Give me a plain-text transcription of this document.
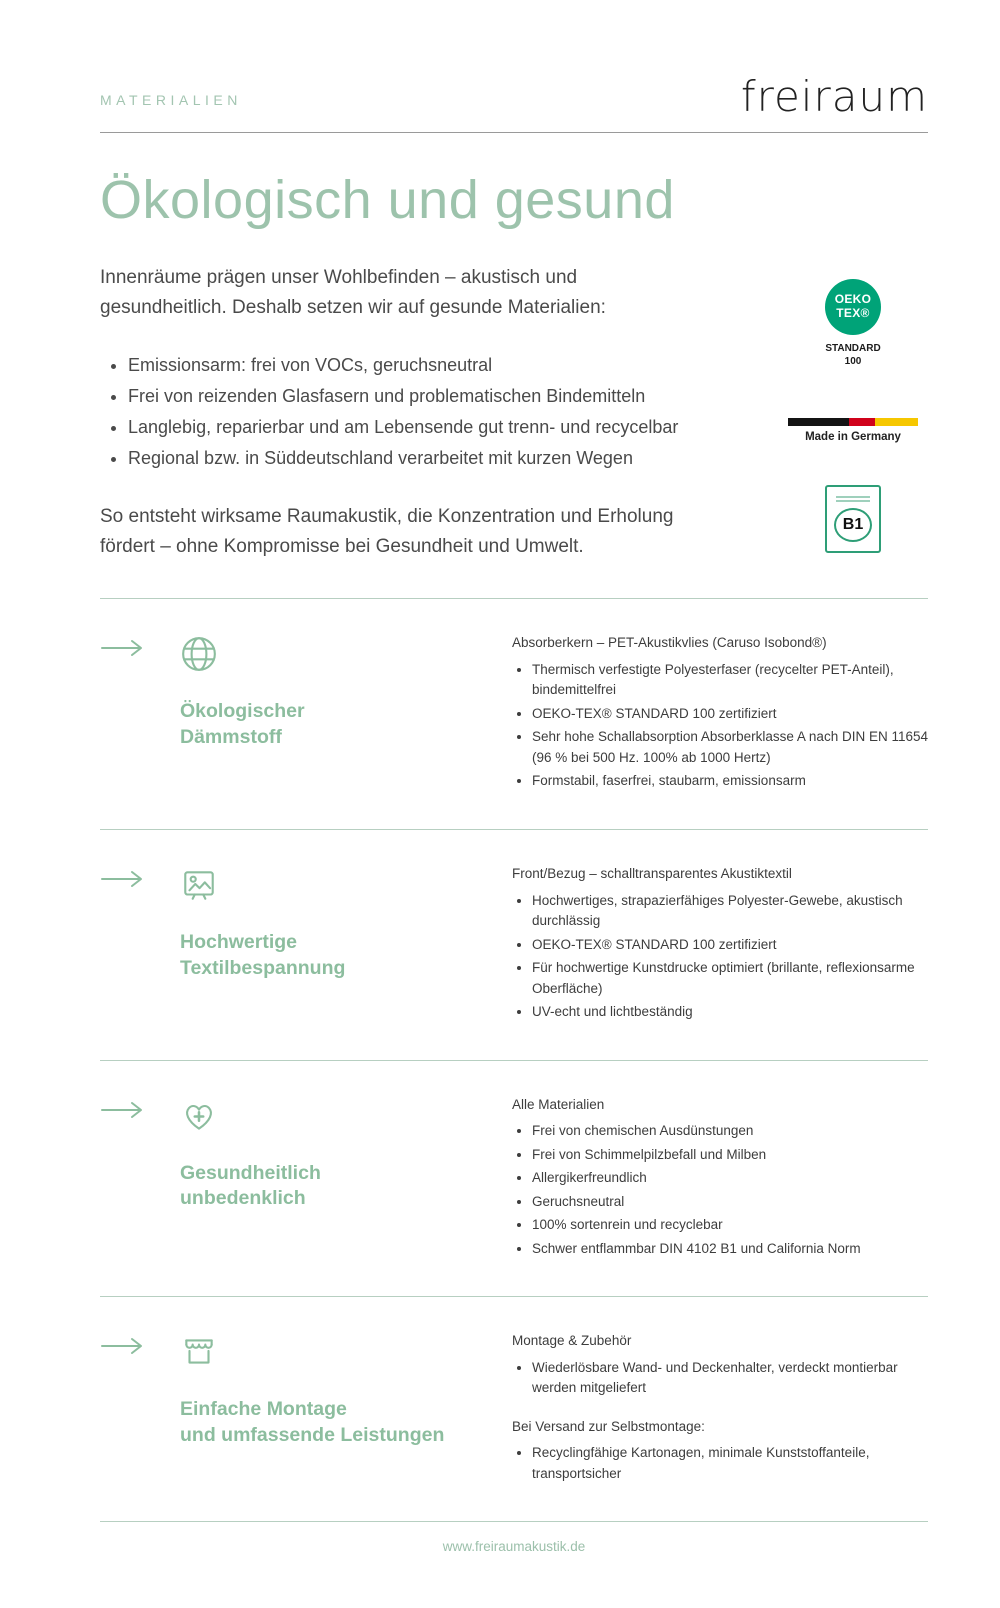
MATERIALIEN	freiraum
Ökologisch und gesund

Innenräume prägen unser Wohlbefinden – akustisch und gesundheitlich. Deshalb setzen wir auf gesunde Materialien:

• Emissionsarm: frei von VOCs, geruchsneutral
• Frei von reizenden Glasfasern und problematischen Bindemitteln
• Langlebig, reparierbar und am Lebensende gut trenn- und recycelbar
• Regional bzw. in Süddeutschland verarbeitet mit kurzen Wegen

So entsteht wirksame Raumakustik, die Konzentration und Erholung fördert – ohne Kompromisse bei Gesundheit und Umwelt.

OEKO
TEX®
STANDARD
100
Made in Germany
B1
Ökologischer
Dämmstoff

Absorberkern – PET-Akustikvlies (Caruso Isobond®)

• Thermisch verfestigte Polyesterfaser (recycelter PET-Anteil), bindemittelfrei
• OEKO-TEX® STANDARD 100 zertifiziert
• Sehr hohe Schallabsorption Absorberklasse A nach DIN EN 11654 (96 % bei 500 Hz. 100% ab 1000 Hertz)
• Formstabil, faserfrei, staubarm, emissionsarm
Hochwertige
Textilbespannung

Front/Bezug – schalltransparentes Akustiktextil

• Hochwertiges, strapazierfähiges Polyester-Gewebe, akustisch durchlässig
• OEKO-TEX® STANDARD 100 zertifiziert
• Für hochwertige Kunstdrucke optimiert (brillante, reflexionsarme Oberfläche)
• UV-echt und lichtbeständig
Gesundheitlich
unbedenklich

Alle Materialien

• Frei von chemischen Ausdünstungen
• Frei von Schimmelpilzbefall und Milben
• Allergikerfreundlich
• Geruchsneutral
• 100% sortenrein und recyclebar
• Schwer entflammbar DIN 4102 B1 und California Norm
Einfache Montage
und umfassende Leistungen

Montage & Zubehör

• Wiederlösbare Wand- und Deckenhalter, verdeckt montierbar werden mitgeliefert

Bei Versand zur Selbstmontage:

• Recyclingfähige Kartonagen, minimale Kunststoffanteile, transportsicher
www.freiraumakustik.de
